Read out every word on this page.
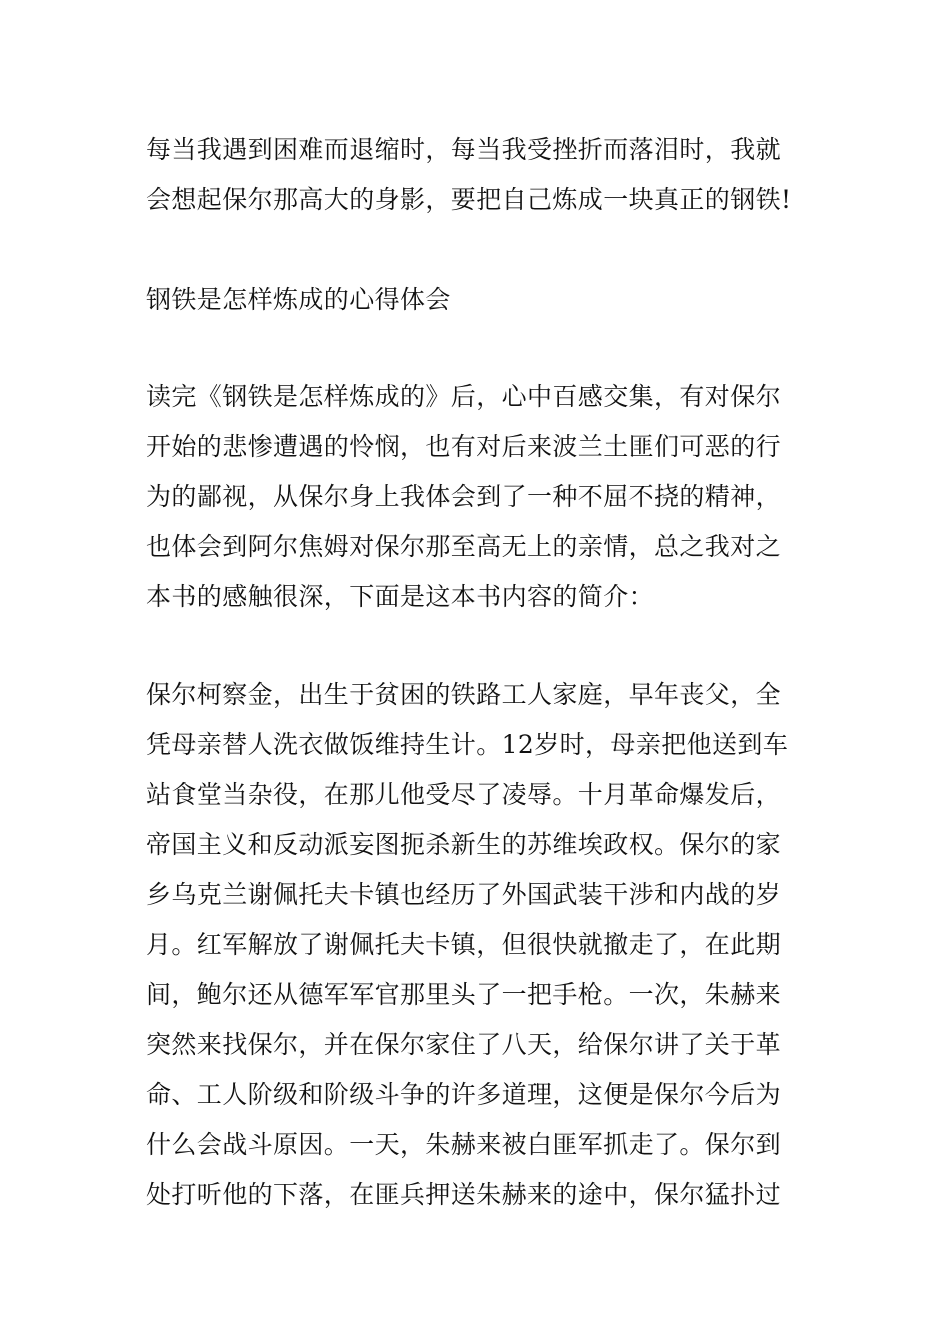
每当我遇到困难而退缩时，每当我受挫折而落泪时，我就
会想起保尔那高大的身影，要把自己炼成一块真正的钢铁!
钢铁是怎样炼成的心得体会
读完《钢铁是怎样炼成的》后，心中百感交集，有对保尔
开始的悲惨遭遇的怜悯，也有对后来波兰土匪们可恶的行
为的鄙视，从保尔身上我体会到了一种不屈不挠的精神，
也体会到阿尔焦姆对保尔那至高无上的亲情，总之我对之
本书的感触很深，下面是这本书内容的简介：
保尔柯察金，出生于贫困的铁路工人家庭，早年丧父，全
凭母亲替人洗衣做饭维持生计。12岁时，母亲把他送到车
站食堂当杂役，在那儿他受尽了凌辱。十月革命爆发后，
帝国主义和反动派妄图扼杀新生的苏维埃政权。保尔的家
乡乌克兰谢佩托夫卡镇也经历了外国武装干涉和内战的岁
月。红军解放了谢佩托夫卡镇，但很快就撤走了，在此期
间，鲍尔还从德军军官那里头了一把手枪。一次，朱赫来
突然来找保尔，并在保尔家住了八天，给保尔讲了关于革
命、工人阶级和阶级斗争的许多道理，这便是保尔今后为
什么会战斗原因。一天，朱赫来被白匪军抓走了。保尔到
处打听他的下落，在匪兵押送朱赫来的途中，保尔猛扑过
